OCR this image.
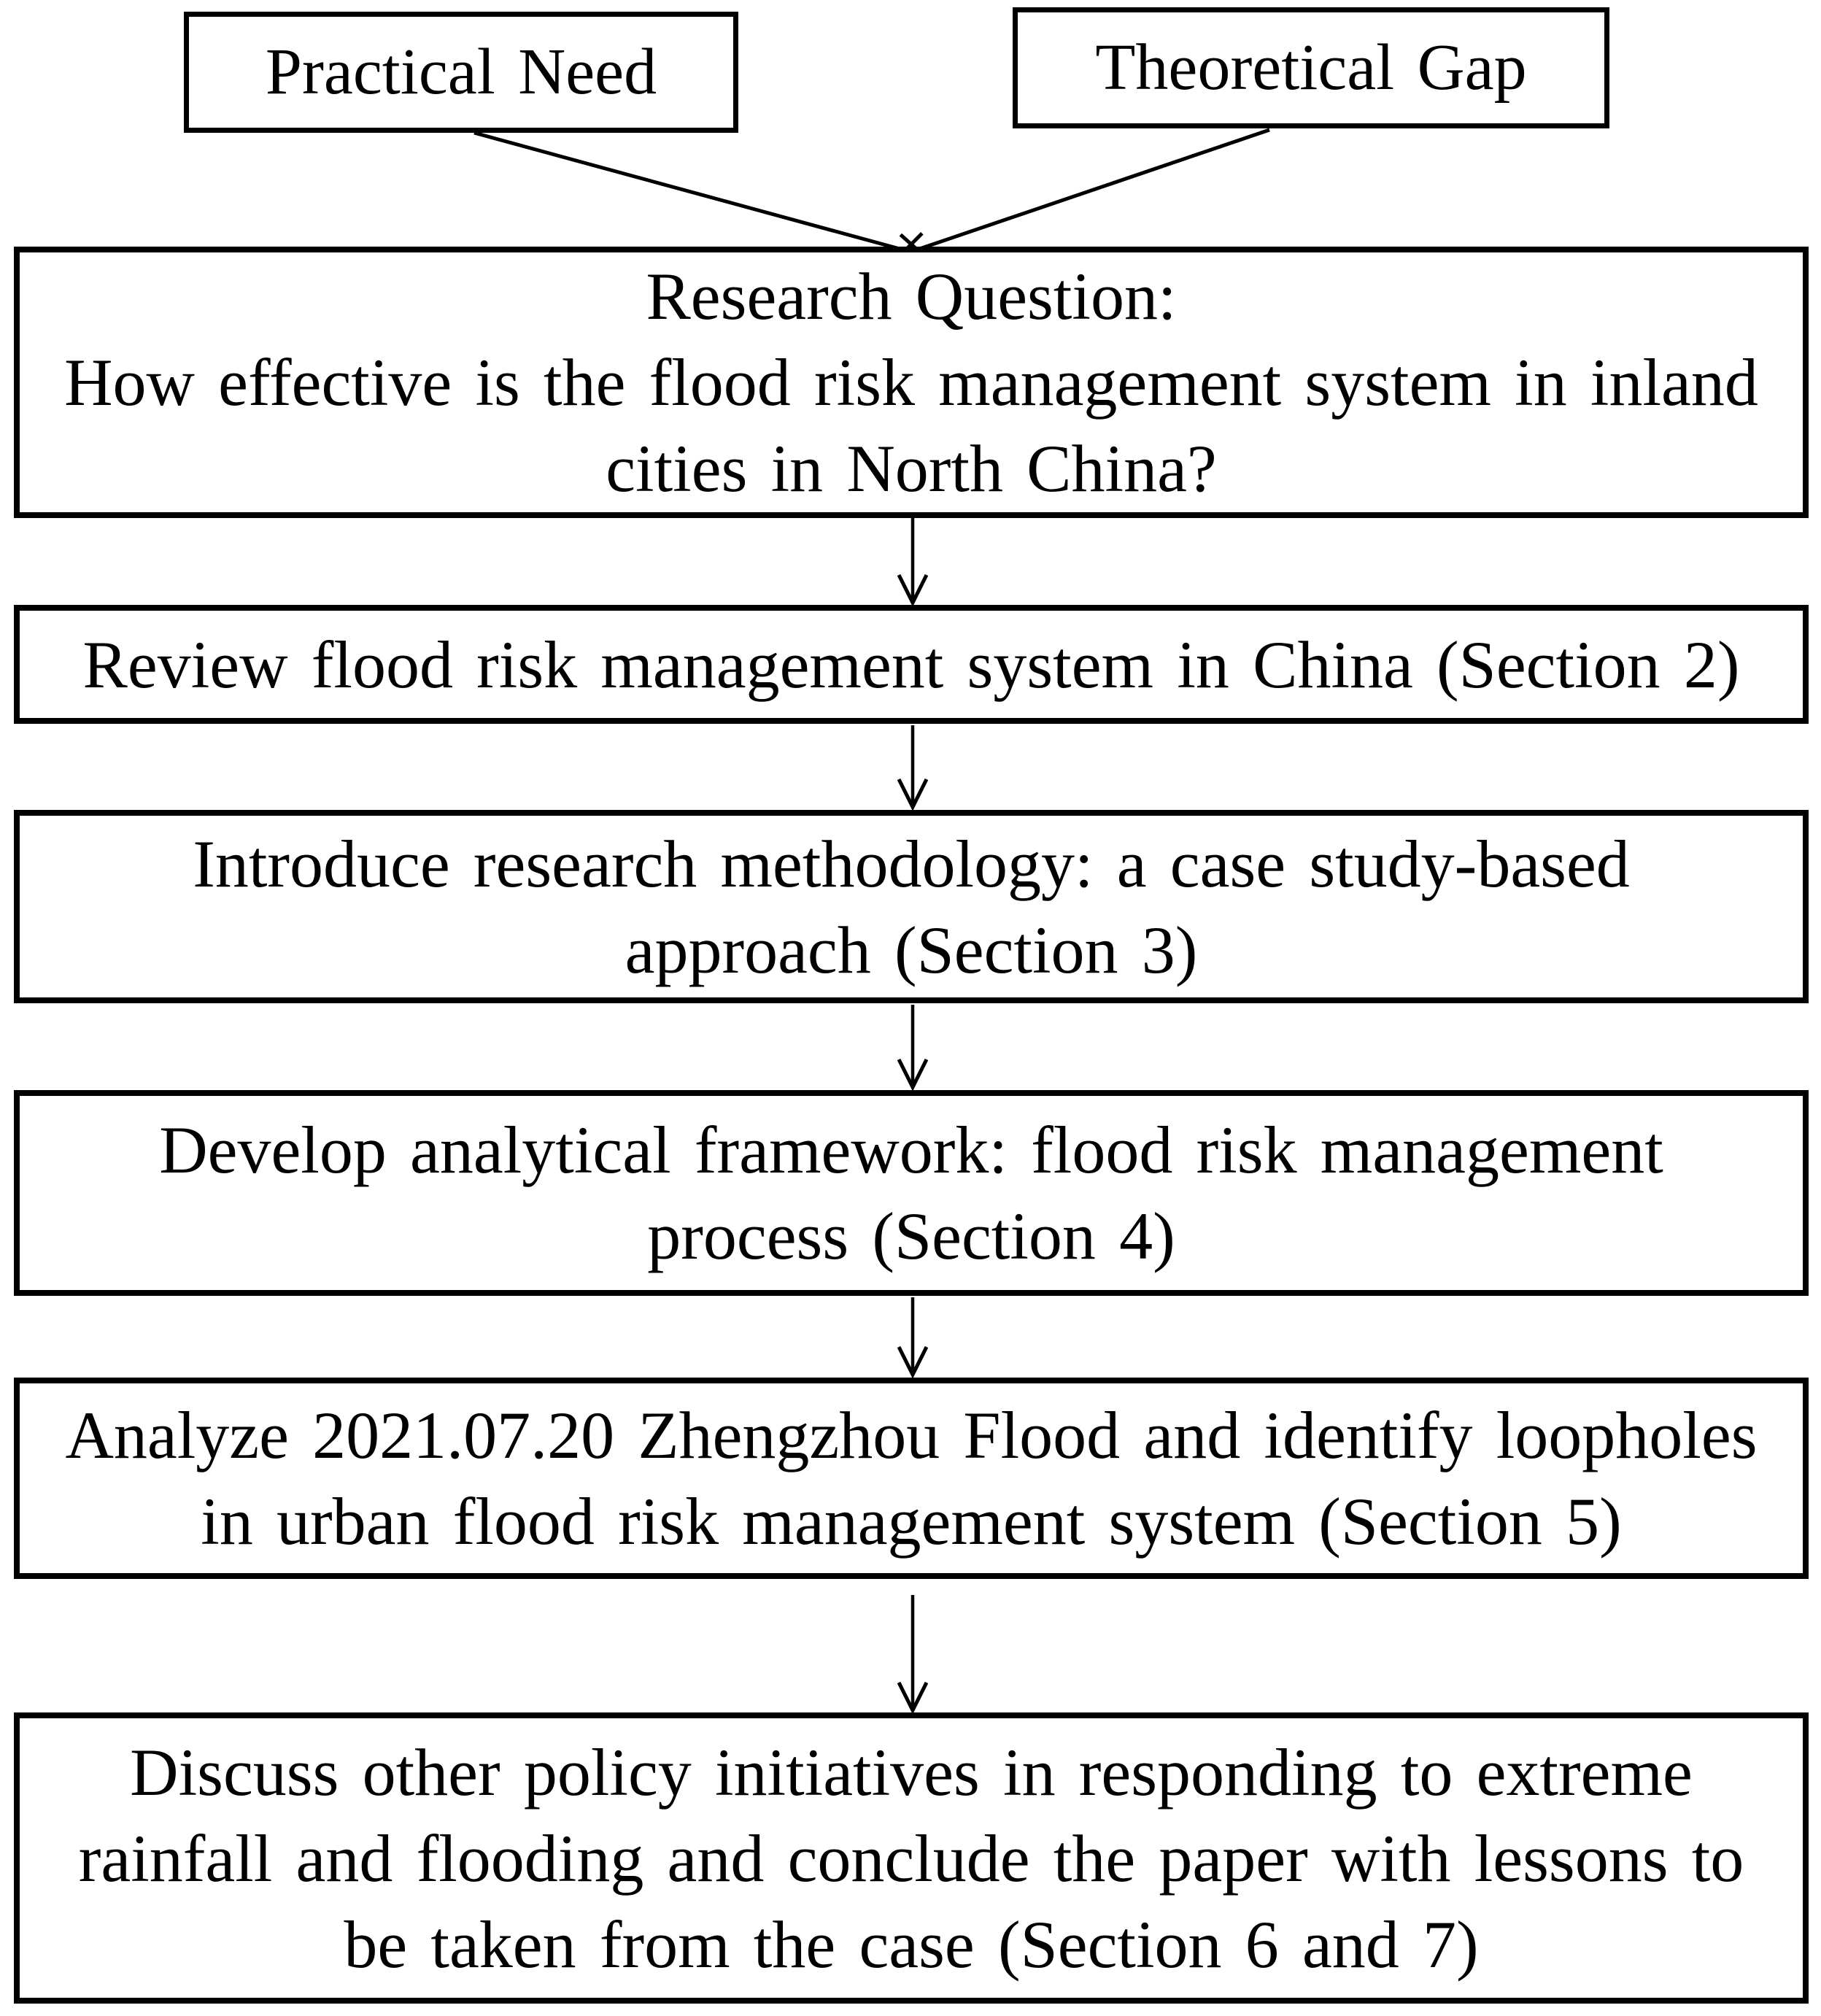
Practical Need	Theoretical Gap
Research Question:
How effective is the flood risk management system in inland
cities in North China?
Review flood risk management system in China (Section 2)
Introduce research methodology: a case study-based
approach (Section 3)
Develop analytical framework: flood risk management
process (Section 4)
Analyze 2021.07.20 Zhengzhou Flood and identify loopholes
in urban flood risk management system (Section 5)
Discuss other policy initiatives in responding to extreme
rainfall and flooding and conclude the paper with lessons to
be taken from the case (Section 6 and 7)
